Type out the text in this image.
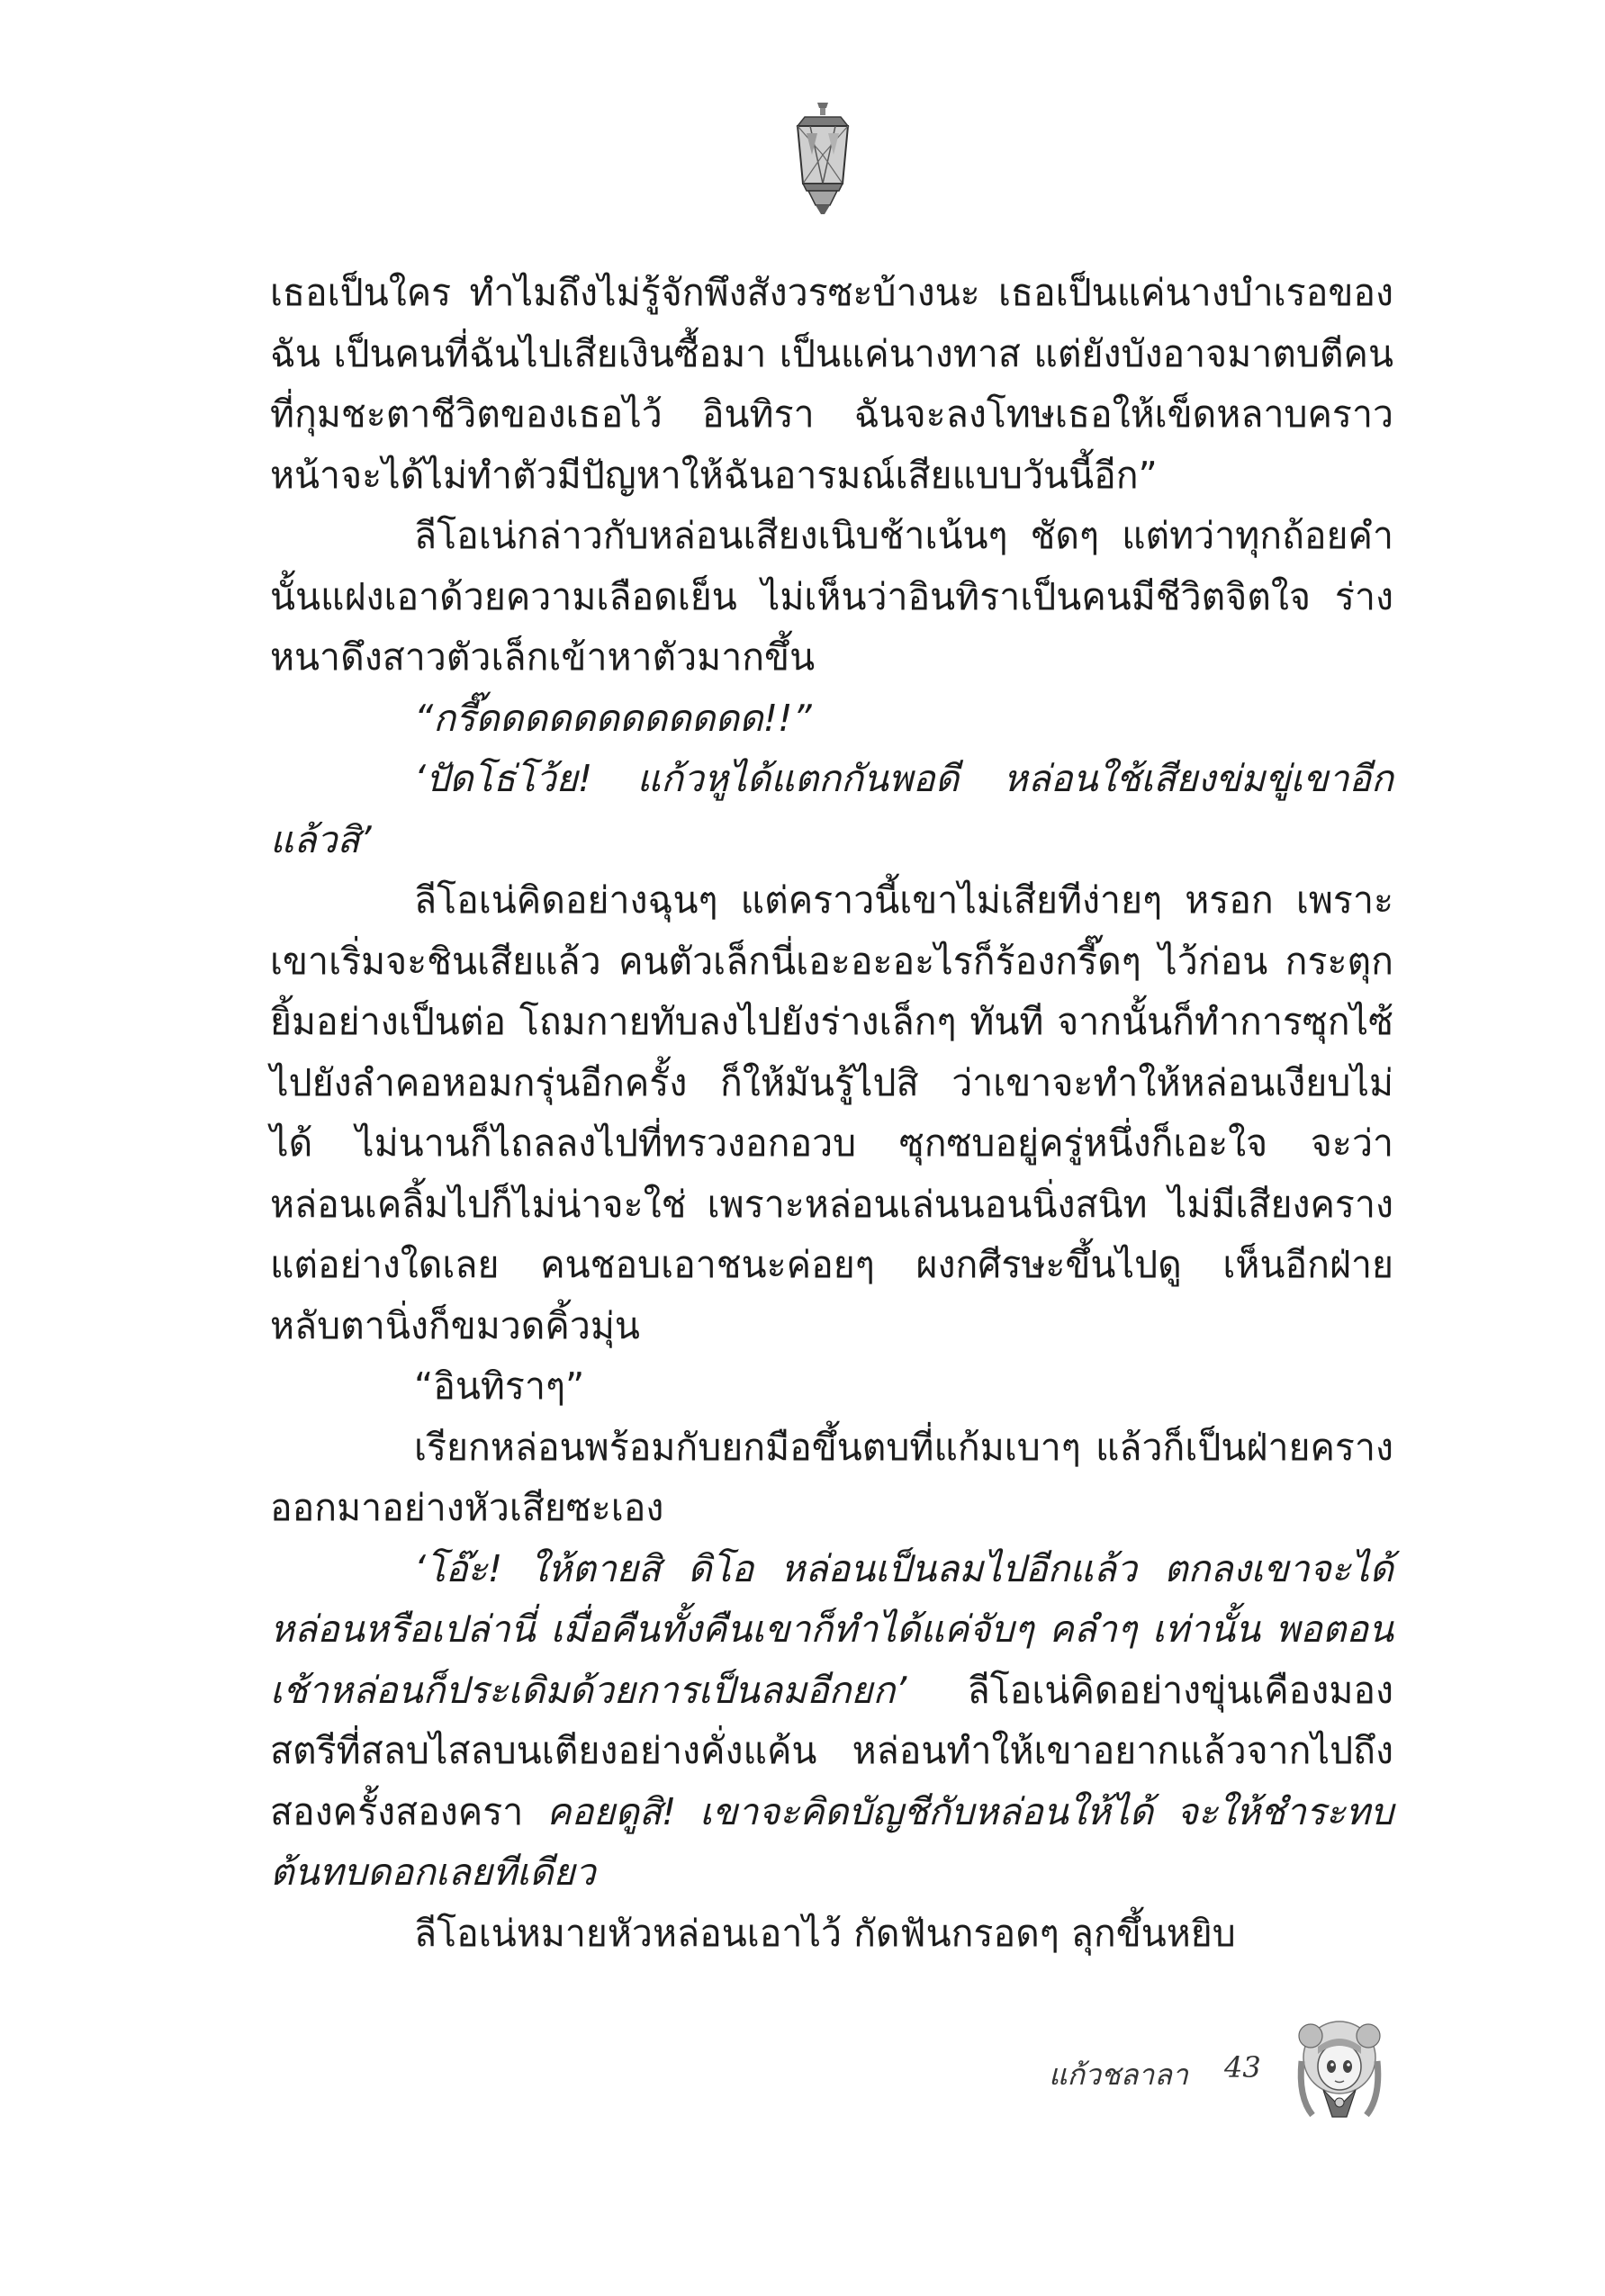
เธอเป็นใคร ทำไมถึงไม่รู้จักพึงสังวรซะบ้างนะ เธอเป็นแค่นางบำเรอของฉัน เป็นคนที่ฉันไปเสียเงินซื้อมา เป็นแค่นางทาส แต่ยังบังอาจมาตบตีคนที่กุมชะตาชีวิตของเธอไว้ อินทิรา ฉันจะลงโทษเธอให้เข็ดหลาบคราวหน้าจะได้ไม่ทำตัวมีปัญหาให้ฉันอารมณ์เสียแบบวันนี้อีก”

ลีโอเน่กล่าวกับหล่อนเสียงเนิบช้าเน้นๆ ชัดๆ แต่ทว่าทุกถ้อยคำนั้นแฝงเอาด้วยความเลือดเย็น ไม่เห็นว่าอินทิราเป็นคนมีชีวิตจิตใจ ร่างหนาดึงสาวตัวเล็กเข้าหาตัวมากขึ้น

“กรี๊ดดดดดดดดดดดด!!”

‘ปัดโธ่โว้ย! แก้วหูได้แตกกันพอดี หล่อนใช้เสียงข่มขู่เขาอีกแล้วสิ’

ลีโอเน่คิดอย่างฉุนๆ แต่คราวนี้เขาไม่เสียทีง่ายๆ หรอก เพราะเขาเริ่มจะชินเสียแล้ว คนตัวเล็กนี่เอะอะอะไรก็ร้องกรี๊ดๆ ไว้ก่อน กระตุกยิ้มอย่างเป็นต่อ โถมกายทับลงไปยังร่างเล็กๆ ทันที จากนั้นก็ทำการซุกไซ้ไปยังลำคอหอมกรุ่นอีกครั้ง ก็ให้มันรู้ไปสิ ว่าเขาจะทำให้หล่อนเงียบไม่ได้ ไม่นานก็ไถลลงไปที่ทรวงอกอวบ ซุกซบอยู่ครู่หนึ่งก็เอะใจ จะว่าหล่อนเคลิ้มไปก็ไม่น่าจะใช่ เพราะหล่อนเล่นนอนนิ่งสนิท ไม่มีเสียงครางแต่อย่างใดเลย คนชอบเอาชนะค่อยๆ ผงกศีรษะขึ้นไปดู เห็นอีกฝ่ายหลับตานิ่งก็ขมวดคิ้วมุ่น

“อินทิราๆ”

เรียกหล่อนพร้อมกับยกมือขึ้นตบที่แก้มเบาๆ แล้วก็เป็นฝ่ายครางออกมาอย่างหัวเสียซะเอง

‘โอ๊ะ! ให้ตายสิ ดิโอ หล่อนเป็นลมไปอีกแล้ว ตกลงเขาจะได้หล่อนหรือเปล่านี่ เมื่อคืนทั้งคืนเขาก็ทำได้แค่จับๆ คลำๆ เท่านั้น พอตอนเช้าหล่อนก็ประเดิมด้วยการเป็นลมอีกยก’ ลีโอเน่คิดอย่างขุ่นเคืองมองสตรีที่สลบไสลบนเตียงอย่างคั่งแค้น หล่อนทำให้เขาอยากแล้วจากไปถึงสองครั้งสองครา คอยดูสิ! เขาจะคิดบัญชีกับหล่อนให้ได้ จะให้ชำระทบต้นทบดอกเลยทีเดียว

ลีโอเน่หมายหัวหล่อนเอาไว้ กัดฟันกรอดๆ ลุกขึ้นหยิบ

แก้วชลาลา 43
